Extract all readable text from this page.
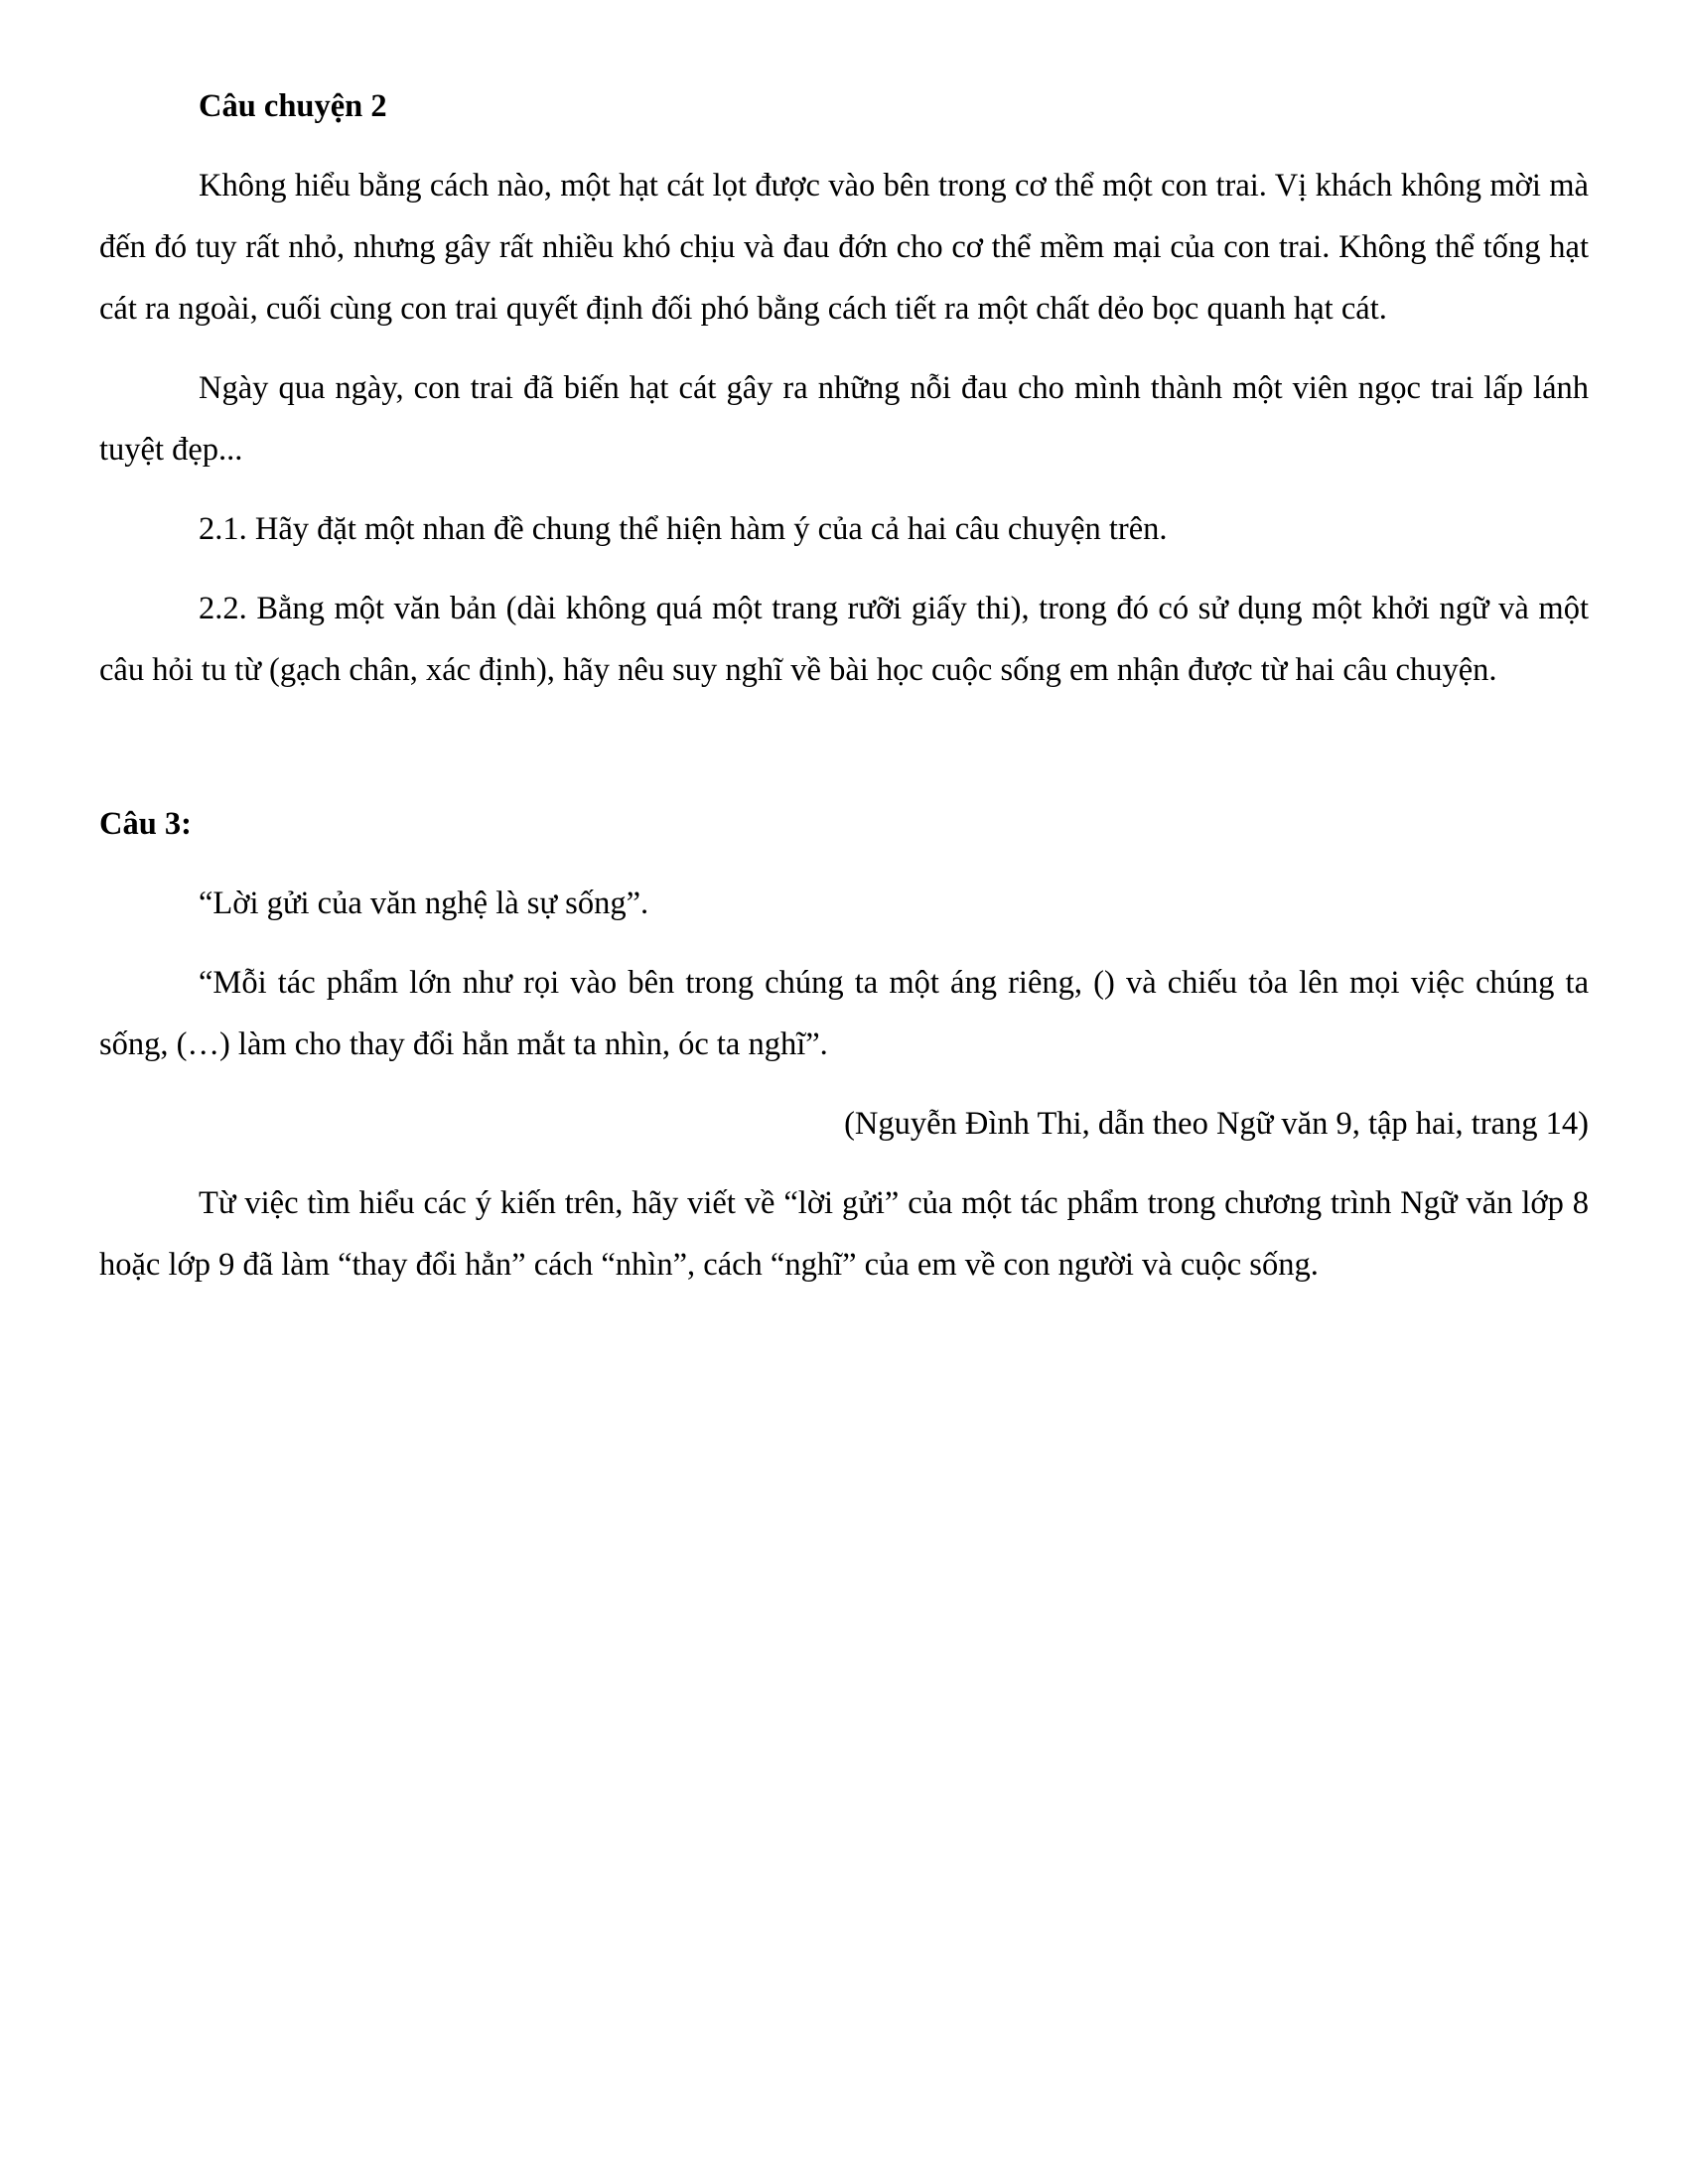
Câu chuyện 2

Không hiểu bằng cách nào, một hạt cát lọt được vào bên trong cơ thể một con trai. Vị khách không mời mà đến đó tuy rất nhỏ, nhưng gây rất nhiều khó chịu và đau đớn cho cơ thể mềm mại của con trai. Không thể tống hạt cát ra ngoài, cuối cùng con trai quyết định đối phó bằng cách tiết ra một chất dẻo bọc quanh hạt cát.

Ngày qua ngày, con trai đã biến hạt cát gây ra những nỗi đau cho mình thành một viên ngọc trai lấp lánh tuyệt đẹp...

2.1. Hãy đặt một nhan đề chung thể hiện hàm ý của cả hai câu chuyện trên.

2.2. Bằng một văn bản (dài không quá một trang rưỡi giấy thi), trong đó có sử dụng một khởi ngữ và một câu hỏi tu từ (gạch chân, xác định), hãy nêu suy nghĩ về bài học cuộc sống em nhận được từ hai câu chuyện.

Câu 3:

“Lời gửi của văn nghệ là sự sống”.

“Mỗi tác phẩm lớn như rọi vào bên trong chúng ta một áng riêng, () và chiếu tỏa lên mọi việc chúng ta sống, (…) làm cho thay đổi hẳn mắt ta nhìn, óc ta nghĩ”.

(Nguyễn Đình Thi, dẫn theo Ngữ văn 9, tập hai, trang 14)

Từ việc tìm hiểu các ý kiến trên, hãy viết về “lời gửi” của một tác phẩm trong chương trình Ngữ văn lớp 8 hoặc lớp 9 đã làm “thay đổi hẳn” cách “nhìn”, cách “nghĩ” của em về con người và cuộc sống.
